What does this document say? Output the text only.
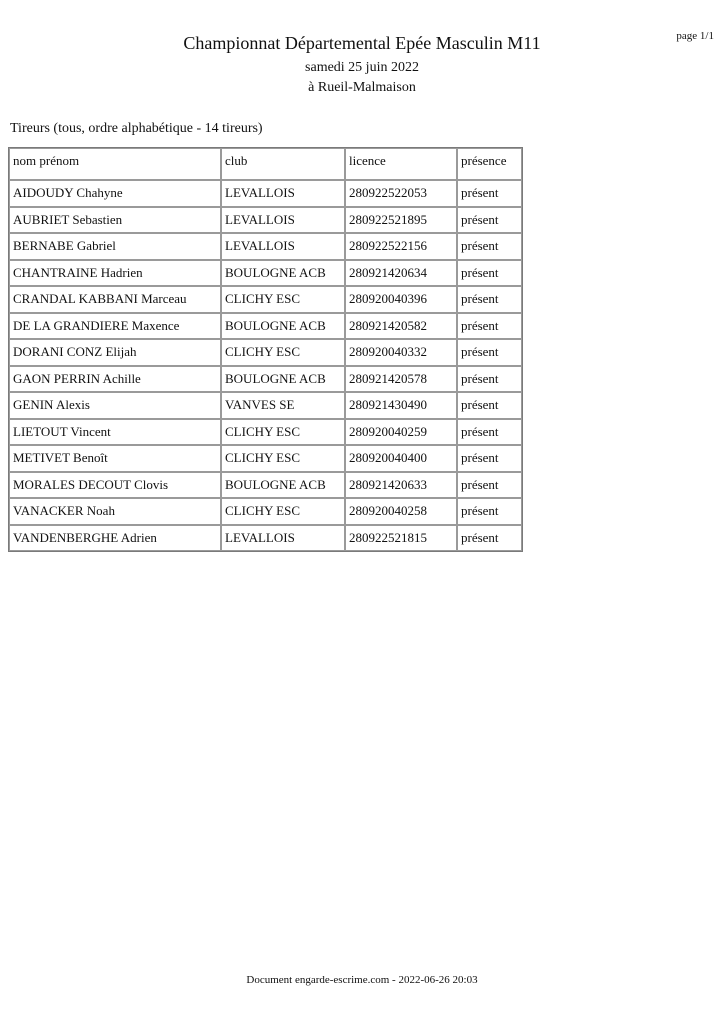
page 1/1
Championnat Départemental Epée Masculin M11
samedi 25 juin 2022
à Rueil-Malmaison
Tireurs (tous, ordre alphabétique - 14 tireurs)
nom prénom	club	licence	présence
AIDOUDY Chahyne	LEVALLOIS	280922522053	présent
AUBRIET Sebastien	LEVALLOIS	280922521895	présent
BERNABE Gabriel	LEVALLOIS	280922522156	présent
CHANTRAINE Hadrien	BOULOGNE ACB	280921420634	présent
CRANDAL KABBANI Marceau	CLICHY ESC	280920040396	présent
DE LA GRANDIERE Maxence	BOULOGNE ACB	280921420582	présent
DORANI CONZ Elijah	CLICHY ESC	280920040332	présent
GAON PERRIN Achille	BOULOGNE ACB	280921420578	présent
GENIN Alexis	VANVES SE	280921430490	présent
LIETOUT Vincent	CLICHY ESC	280920040259	présent
METIVET Benoît	CLICHY ESC	280920040400	présent
MORALES DECOUT Clovis	BOULOGNE ACB	280921420633	présent
VANACKER Noah	CLICHY ESC	280920040258	présent
VANDENBERGHE Adrien	LEVALLOIS	280922521815	présent
Document engarde-escrime.com - 2022-06-26 20:03
